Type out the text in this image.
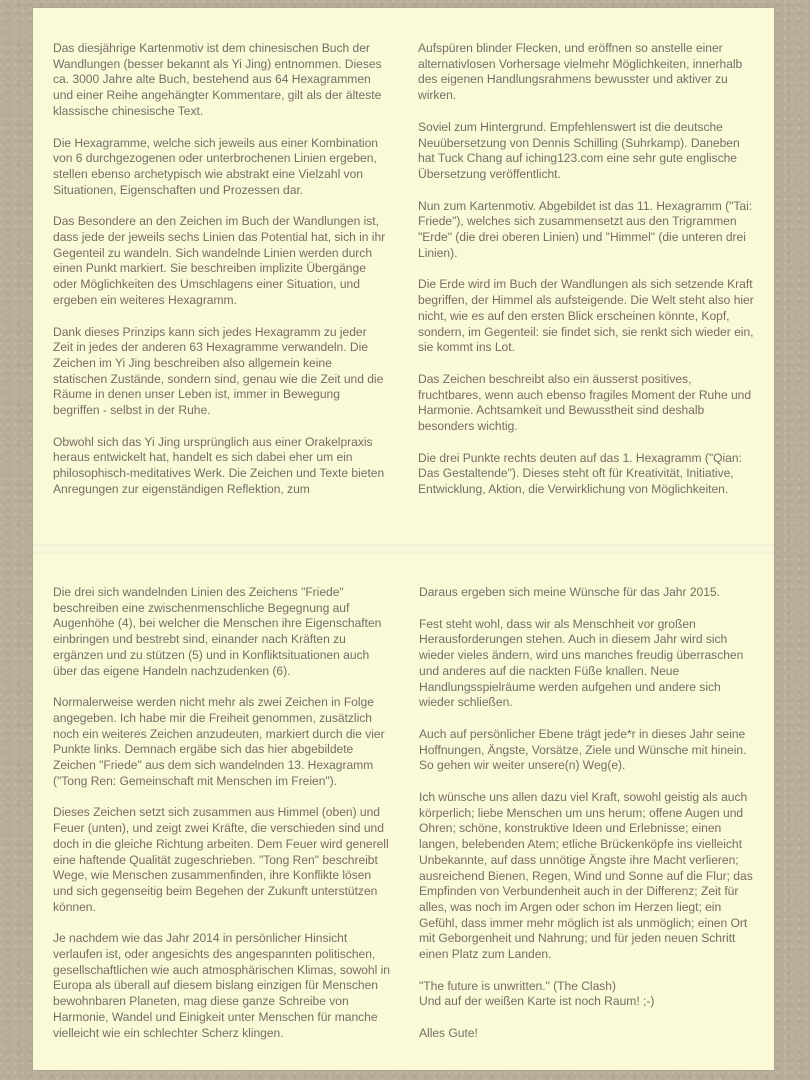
Das diesjährige Kartenmotiv ist dem chinesischen Buch der Wandlungen (besser bekannt als Yi Jing) entnommen. Dieses ca. 3000 Jahre alte Buch, bestehend aus 64 Hexagrammen und einer Reihe angehängter Kommentare, gilt als der älteste klassische chinesische Text.

Die Hexagramme, welche sich jeweils aus einer Kombination von 6 durchgezogenen oder unterbrochenen Linien ergeben, stellen ebenso archetypisch wie abstrakt eine Vielzahl von Situationen, Eigenschaften und Prozessen dar.

Das Besondere an den Zeichen im Buch der Wandlungen ist, dass jede der jeweils sechs Linien das Potential hat, sich in ihr Gegenteil zu wandeln. Sich wandelnde Linien werden durch einen Punkt markiert. Sie beschreiben implizite Übergänge oder Möglichkeiten des Umschlagens einer Situation, und ergeben ein weiteres Hexagramm.

Dank dieses Prinzips kann sich jedes Hexagramm zu jeder Zeit in jedes der anderen 63 Hexagramme verwandeln. Die Zeichen im Yi Jing beschreiben also allgemein keine statischen Zustände, sondern sind, genau wie die Zeit und die Räume in denen unser Leben ist, immer in Bewegung begriffen - selbst in der Ruhe.

Obwohl sich das Yi Jing ursprünglich aus einer Orakelpraxis heraus entwickelt hat, handelt es sich dabei eher um ein philosophisch-meditatives Werk. Die Zeichen und Texte bieten Anregungen zur eigenständigen Reflektion, zum

Aufspüren blinder Flecken, und eröffnen so anstelle einer alternativlosen Vorhersage vielmehr Möglichkeiten, innerhalb des eigenen Handlungsrahmens bewusster und aktiver zu wirken.

Soviel zum Hintergrund. Empfehlenswert ist die deutsche Neuübersetzung von Dennis Schilling (Suhrkamp). Daneben hat Tuck Chang auf iching123.com eine sehr gute englische Übersetzung veröffentlicht.

Nun zum Kartenmotiv. Abgebildet ist das 11. Hexagramm ("Tai: Friede"), welches sich zusammensetzt aus den Trigrammen "Erde" (die drei oberen Linien) und "Himmel" (die unteren drei Linien).

Die Erde wird im Buch der Wandlungen als sich setzende Kraft begriffen, der Himmel als aufsteigende. Die Welt steht also hier nicht, wie es auf den ersten Blick erscheinen könnte, Kopf, sondern, im Gegenteil: sie findet sich, sie renkt sich wieder ein, sie kommt ins Lot.

Das Zeichen beschreibt also ein äusserst positives, fruchtbares, wenn auch ebenso fragiles Moment der Ruhe und Harmonie. Achtsamkeit und Bewusstheit sind deshalb besonders wichtig.

Die drei Punkte rechts deuten auf das 1. Hexagramm ("Qian: Das Gestaltende"). Dieses steht oft für Kreativität, Initiative, Entwicklung, Aktion, die Verwirklichung von Möglichkeiten.

Die drei sich wandelnden Linien des Zeichens "Friede" beschreiben eine zwischenmenschliche Begegnung auf Augenhöhe (4), bei welcher die Menschen ihre Eigenschaften einbringen und bestrebt sind, einander nach Kräften zu ergänzen und zu stützen (5) und in Konfliktsituationen auch über das eigene Handeln nachzudenken (6).

Normalerweise werden nicht mehr als zwei Zeichen in Folge angegeben. Ich habe mir die Freiheit genommen, zusätzlich noch ein weiteres Zeichen anzudeuten, markiert durch die vier Punkte links. Demnach ergäbe sich das hier abgebildete Zeichen "Friede" aus dem sich wandelnden 13. Hexagramm ("Tong Ren: Gemeinschaft mit Menschen im Freien").

Dieses Zeichen setzt sich zusammen aus Himmel (oben) und Feuer (unten), und zeigt zwei Kräfte, die verschieden sind und doch in die gleiche Richtung arbeiten. Dem Feuer wird generell eine haftende Qualität zugeschrieben. "Tong Ren" beschreibt Wege, wie Menschen zusammenfinden, ihre Konflikte lösen und sich gegenseitig beim Begehen der Zukunft unterstützen können.

Je nachdem wie das Jahr 2014 in persönlicher Hinsicht verlaufen ist, oder angesichts des angespannten politischen, gesellschaftlichen wie auch atmosphärischen Klimas, sowohl in Europa als überall auf diesem bislang einzigen für Menschen bewohnbaren Planeten, mag diese ganze Schreibe von Harmonie, Wandel und Einigkeit unter Menschen für manche vielleicht wie ein schlechter Scherz klingen.

Daraus ergeben sich meine Wünsche für das Jahr 2015.

Fest steht wohl, dass wir als Menschheit vor großen Herausforderungen stehen. Auch in diesem Jahr wird sich wieder vieles ändern, wird uns manches freudig überraschen und anderes auf die nackten Füße knallen. Neue Handlungsspielräume werden aufgehen und andere sich wieder schließen.

Auch auf persönlicher Ebene trägt jede*r in dieses Jahr seine Hoffnungen, Ängste, Vorsätze, Ziele und Wünsche mit hinein. So gehen wir weiter unsere(n) Weg(e).

Ich wünsche uns allen dazu viel Kraft, sowohl geistig als auch körperlich; liebe Menschen um uns herum; offene Augen und Ohren; schöne, konstruktive Ideen und Erlebnisse; einen langen, belebenden Atem; etliche Brückenköpfe ins vielleicht Unbekannte, auf dass unnötige Ängste ihre Macht verlieren; ausreichend Bienen, Regen, Wind und Sonne auf die Flur; das Empfinden von Verbundenheit auch in der Differenz; Zeit für alles, was noch im Argen oder schon im Herzen liegt; ein Gefühl, dass immer mehr möglich ist als unmöglich; einen Ort mit Geborgenheit und Nahrung; und für jeden neuen Schritt einen Platz zum Landen.

"The future is unwritten." (The Clash)

Und auf der weißen Karte ist noch Raum! ;-)

Alles Gute!
